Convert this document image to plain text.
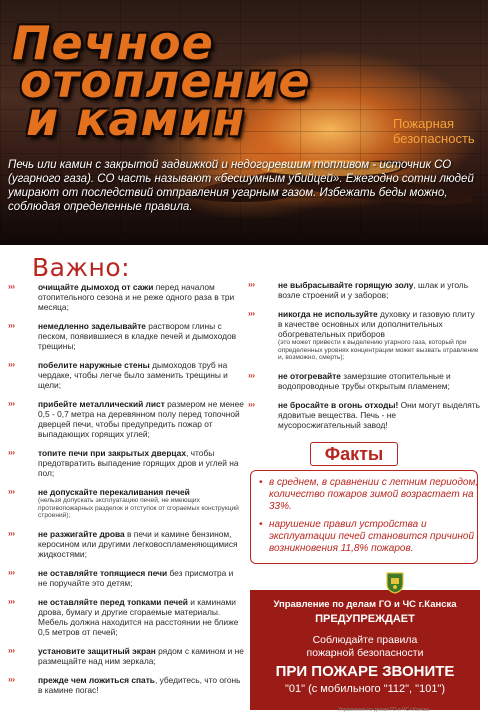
Печное
отопление
и камин	Пожарная
безопасность

Печь или камин с закрытой задвижкой и недогоревшим топливом - источник СО (угарного газа). СО часть называют «бесшумным убийцей». Ежегодно сотни людей умирают от последствий отправления угарным газом. Избежать беды можно, соблюдая определенные правила.

Важно:
›››	очищайте дымоход от сажи перед началом отопительного сезона и не реже одного раза в три месяца;
›››	немедленно заделывайте раствором глины с песком, появившиеся в кладке печей и дымоходов трещины;
›››	побелите наружные стены дымоходов труб на чердаке, чтобы легче было заменить трещины и щели;
›››	прибейте металлический лист размером не менее 0,5 - 0,7 метра на деревянном полу перед топочной дверцей печи, чтобы предупредить пожар от выпадающих горящих углей;
›››	топите печи при закрытых дверцах, чтобы предотвратить выпадение горящих дров и углей на пол;
›››	не допускайте перекаливания печей
(нельзя допускать эксплуатацию печей, не имеющих противопожарных разделок и отступок от сгораемых конструкций строений);
›››	не разжигайте дрова в печи и камине бензином, керосином или другими легковоспламеняющимися жидкостями;
›››	не оставляйте топящиеся печи без присмотра и не поручайте это детям;
›››	не оставляйте перед топками печей и каминами дрова, бумагу и другие сгораемые материалы. Мебель должна находится на расстоянии не ближе 0,5 метров от печей;
›››	установите защитный экран рядом с камином и не размещайте над ним зеркала;
›››	прежде чем ложиться спать, убедитесь, что огонь в камине погас!
›››	не выбрасывайте горящую золу, шлак и уголь возле строений и у заборов;
›››	никогда не используйте духовку и газовую плиту в качестве основных или дополнительных обогревательных приборов
(это может привести к выделению угарного газа, который при определенных уровнях концентрации может вызвать отравление и, возможно, смерть);
›››	не отогревайте замерзшие отопительные и водопроводные трубы открытым пламенем;
›››	не бросайте в огонь отходы! Они могут выделять ядовитые вещества. Печь - не мусоросжигательный завод!
Факты
• в среднем, в сравнении с летним периодом, количество пожаров зимой возрастает на 33%.
• нарушение правил устройства и эксплуатации печей становится причиной возникновения 11,8% пожаров.
Управление по делам ГО и ЧС г.Канска
ПРЕДУПРЕЖДАЕТ
Соблюдайте правила
пожарной безопасности
ПРИ ПОЖАРЕ ЗВОНИТЕ
"01" (с мобильного "112", "101")
Управление по делам ГО и ЧС г.Канска
